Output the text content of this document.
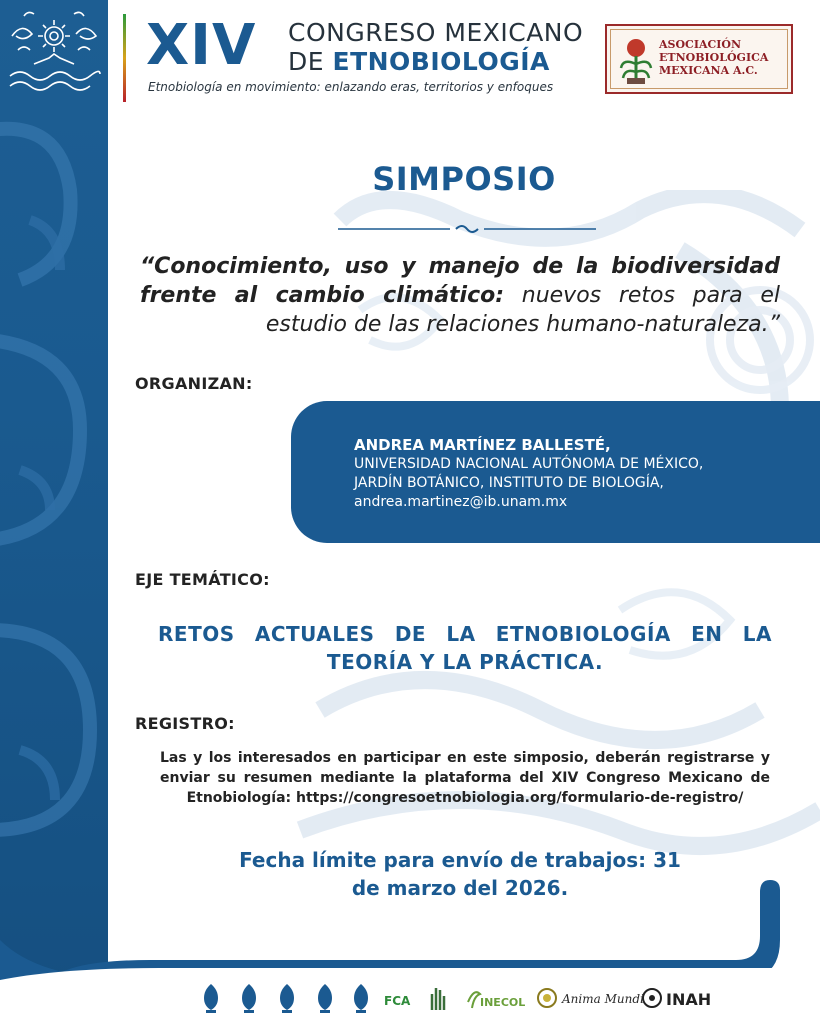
XIV CONGRESO MEXICANO
DE ETNOBIOLOGÍA
Etnobiología en movimiento: enlazando eras, territorios y enfoques
ASOCIACIÓN
ETNOBIOLÓGICA
MEXICANA A.C.
SIMPOSIO
“Conocimiento, uso y manejo de la biodiversidad frente al cambio climático: nuevos retos para el estudio de las relaciones humano-naturaleza.”
ORGANIZAN:
ANDREA MARTÍNEZ BALLESTÉ,
UNIVERSIDAD NACIONAL AUTÓNOMA DE MÉXICO,
JARDÍN BOTÁNICO, INSTITUTO DE BIOLOGÍA,
andrea.martinez@ib.unam.mx
EJE TEMÁTICO:
RETOS ACTUALES DE LA ETNOBIOLOGÍA EN LA TEORÍA Y LA PRÁCTICA.
REGISTRO:
Las y los interesados en participar en este simposio, deberán registrarse y enviar su resumen mediante la plataforma del XIV Congreso Mexicano de Etnobiología: https://congresoetnobiologia.org/formulario-de-registro/
Fecha límite para envío de trabajos: 31
de marzo del 2026.
FCA	INECOL	Anima Mundi INAH
